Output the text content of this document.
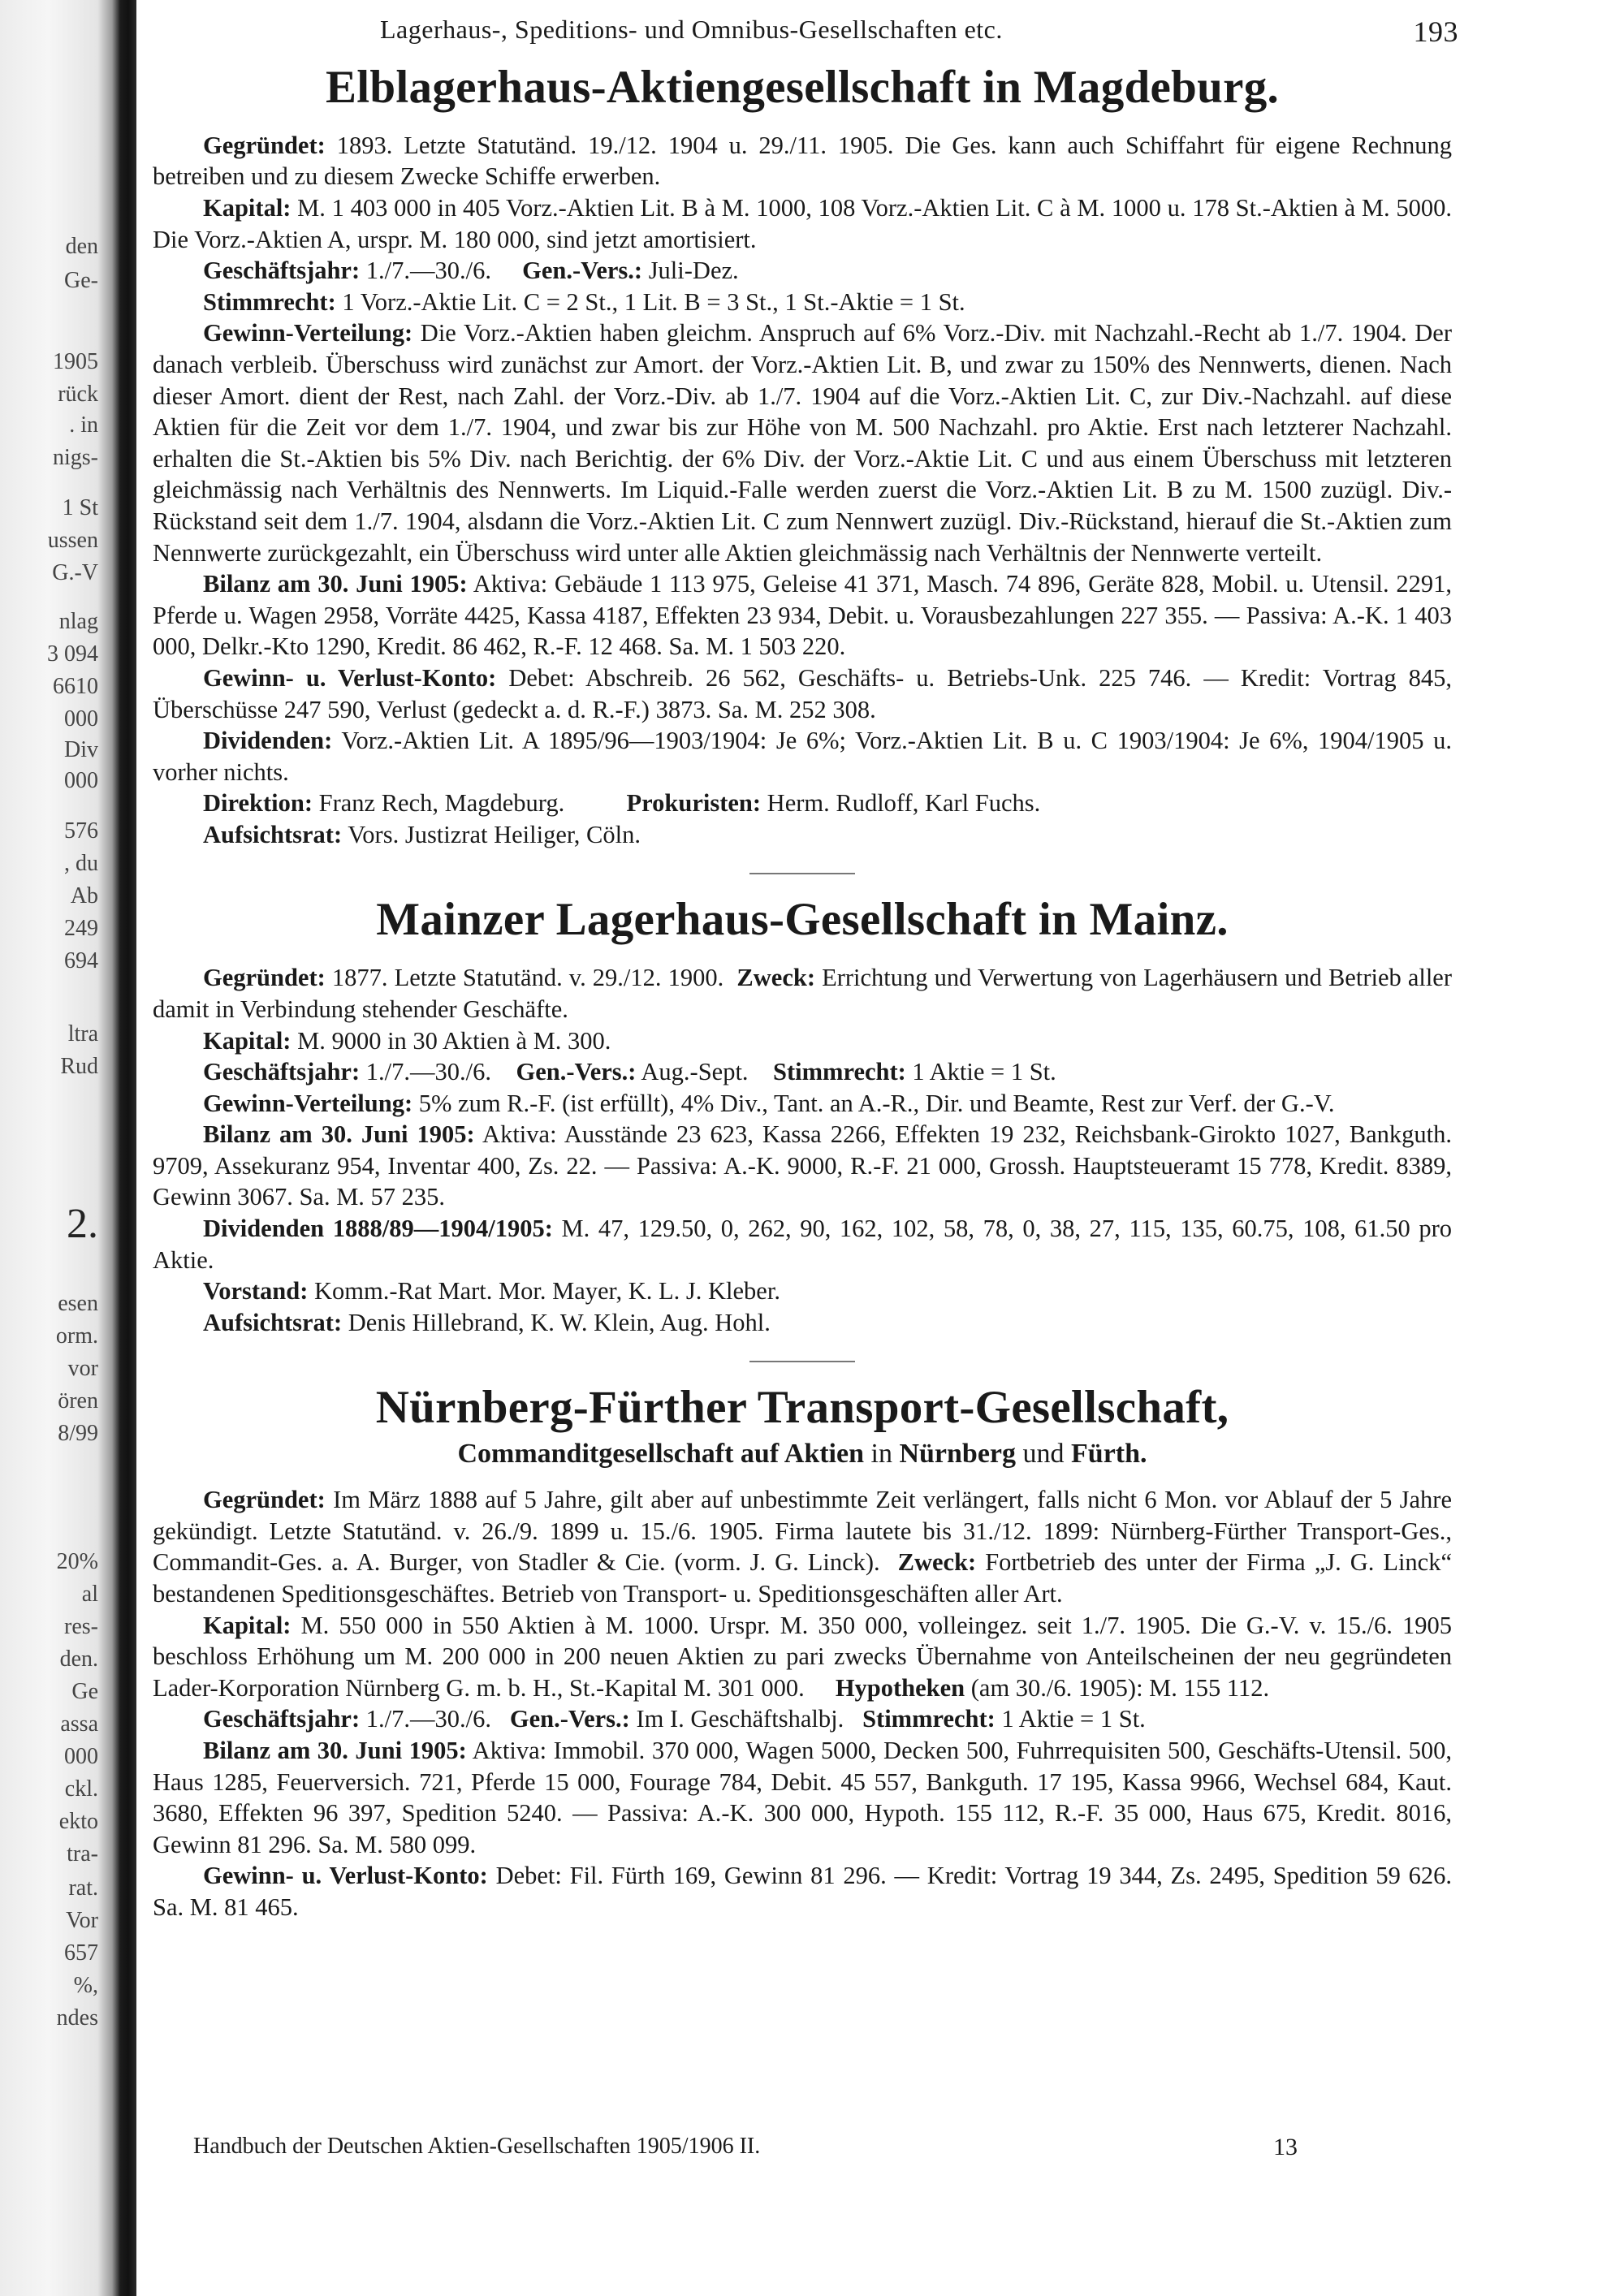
den
Ge-
1905
rück
. in
nigs-
1 St
ussen
G.-V
nlag
3 094
6610
000
Div
000
576
, du
Ab
249
694
ltra
Rud
2.
esen
orm.
vor
ören
8/99
20%
al
res-
den.
Ge
assa
000
ckl.
ekto
tra-
rat.
Vor
657
%,
ndes
Lagerhaus-, Speditions- und Omnibus-Gesellschaften etc.	193
Elblagerhaus-Aktiengesellschaft in Magdeburg.

Gegründet: 1893. Letzte Statutänd. 19./12. 1904 u. 29./11. 1905. Die Ges. kann auch Schiffahrt für eigene Rechnung betreiben und zu diesem Zwecke Schiffe erwerben.

Kapital: M. 1 403 000 in 405 Vorz.-Aktien Lit. B à M. 1000, 108 Vorz.-Aktien Lit. C à M. 1000 u. 178 St.-Aktien à M. 5000. Die Vorz.-Aktien A, urspr. M. 180 000, sind jetzt amortisiert.

Geschäftsjahr: 1./7.—30./6. Gen.-Vers.: Juli-Dez.

Stimmrecht: 1 Vorz.-Aktie Lit. C = 2 St., 1 Lit. B = 3 St., 1 St.-Aktie = 1 St.

Gewinn-Verteilung: Die Vorz.-Aktien haben gleichm. Anspruch auf 6% Vorz.-Div. mit Nachzahl.-Recht ab 1./7. 1904. Der danach verbleib. Überschuss wird zunächst zur Amort. der Vorz.-Aktien Lit. B, und zwar zu 150% des Nennwerts, dienen. Nach dieser Amort. dient der Rest, nach Zahl. der Vorz.-Div. ab 1./7. 1904 auf die Vorz.-Aktien Lit. C, zur Div.-Nachzahl. auf diese Aktien für die Zeit vor dem 1./7. 1904, und zwar bis zur Höhe von M. 500 Nachzahl. pro Aktie. Erst nach letzterer Nachzahl. erhalten die St.-Aktien bis 5% Div. nach Berichtig. der 6% Div. der Vorz.-Aktie Lit. C und aus einem Überschuss mit letzteren gleichmässig nach Verhältnis des Nennwerts. Im Liquid.-Falle werden zuerst die Vorz.-Aktien Lit. B zu M. 1500 zuzügl. Div.-Rückstand seit dem 1./7. 1904, alsdann die Vorz.-Aktien Lit. C zum Nennwert zuzügl. Div.-Rückstand, hierauf die St.-Aktien zum Nennwerte zurückgezahlt, ein Überschuss wird unter alle Aktien gleichmässig nach Verhältnis der Nennwerte verteilt.

Bilanz am 30. Juni 1905: Aktiva: Gebäude 1 113 975, Geleise 41 371, Masch. 74 896, Geräte 828, Mobil. u. Utensil. 2291, Pferde u. Wagen 2958, Vorräte 4425, Kassa 4187, Effekten 23 934, Debit. u. Vorausbezahlungen 227 355. — Passiva: A.-K. 1 403 000, Delkr.-Kto 1290, Kredit. 86 462, R.-F. 12 468. Sa. M. 1 503 220.

Gewinn- u. Verlust-Konto: Debet: Abschreib. 26 562, Geschäfts- u. Betriebs-Unk. 225 746. — Kredit: Vortrag 845, Überschüsse 247 590, Verlust (gedeckt a. d. R.-F.) 3873. Sa. M. 252 308.

Dividenden: Vorz.-Aktien Lit. A 1895/96—1903/1904: Je 6%; Vorz.-Aktien Lit. B u. C 1903/1904: Je 6%, 1904/1905 u. vorher nichts.

Direktion: Franz Rech, Magdeburg.	Prokuristen: Herm. Rudloff, Karl Fuchs.

Aufsichtsrat: Vors. Justizrat Heiliger, Cöln.

Mainzer Lagerhaus-Gesellschaft in Mainz.

Gegründet: 1877. Letzte Statutänd. v. 29./12. 1900. Zweck: Errichtung und Verwertung von Lagerhäusern und Betrieb aller damit in Verbindung stehender Geschäfte.

Kapital: M. 9000 in 30 Aktien à M. 300.

Geschäftsjahr: 1./7.—30./6. Gen.-Vers.: Aug.-Sept. Stimmrecht: 1 Aktie = 1 St.

Gewinn-Verteilung: 5% zum R.-F. (ist erfüllt), 4% Div., Tant. an A.-R., Dir. und Beamte, Rest zur Verf. der G.-V.

Bilanz am 30. Juni 1905: Aktiva: Ausstände 23 623, Kassa 2266, Effekten 19 232, Reichsbank-Girokto 1027, Bankguth. 9709, Assekuranz 954, Inventar 400, Zs. 22. — Passiva: A.-K. 9000, R.-F. 21 000, Grossh. Hauptsteueramt 15 778, Kredit. 8389, Gewinn 3067. Sa. M. 57 235.

Dividenden 1888/89—1904/1905: M. 47, 129.50, 0, 262, 90, 162, 102, 58, 78, 0, 38, 27, 115, 135, 60.75, 108, 61.50 pro Aktie.

Vorstand: Komm.-Rat Mart. Mor. Mayer, K. L. J. Kleber.

Aufsichtsrat: Denis Hillebrand, K. W. Klein, Aug. Hohl.

Nürnberg-Fürther Transport-Gesellschaft,
Commanditgesellschaft auf Aktien in Nürnberg und Fürth.

Gegründet: Im März 1888 auf 5 Jahre, gilt aber auf unbestimmte Zeit verlängert, falls nicht 6 Mon. vor Ablauf der 5 Jahre gekündigt. Letzte Statutänd. v. 26./9. 1899 u. 15./6. 1905. Firma lautete bis 31./12. 1899: Nürnberg-Fürther Transport-Ges., Commandit-Ges. a. A. Burger, von Stadler & Cie. (vorm. J. G. Linck). Zweck: Fortbetrieb des unter der Firma „J. G. Linck“ bestandenen Speditionsgeschäftes. Betrieb von Transport- u. Speditionsgeschäften aller Art.

Kapital: M. 550 000 in 550 Aktien à M. 1000. Urspr. M. 350 000, volleingez. seit 1./7. 1905. Die G.-V. v. 15./6. 1905 beschloss Erhöhung um M. 200 000 in 200 neuen Aktien zu pari zwecks Übernahme von Anteilscheinen der neu gegründeten Lader-Korporation Nürnberg G. m. b. H., St.-Kapital M. 301 000. Hypotheken (am 30./6. 1905): M. 155 112.

Geschäftsjahr: 1./7.—30./6. Gen.-Vers.: Im I. Geschäftshalbj. Stimmrecht: 1 Aktie = 1 St.

Bilanz am 30. Juni 1905: Aktiva: Immobil. 370 000, Wagen 5000, Decken 500, Fuhrrequisiten 500, Geschäfts-Utensil. 500, Haus 1285, Feuerversich. 721, Pferde 15 000, Fourage 784, Debit. 45 557, Bankguth. 17 195, Kassa 9966, Wechsel 684, Kaut. 3680, Effekten 96 397, Spedition 5240. — Passiva: A.-K. 300 000, Hypoth. 155 112, R.-F. 35 000, Haus 675, Kredit. 8016, Gewinn 81 296. Sa. M. 580 099.

Gewinn- u. Verlust-Konto: Debet: Fil. Fürth 169, Gewinn 81 296. — Kredit: Vortrag 19 344, Zs. 2495, Spedition 59 626. Sa. M. 81 465.

Handbuch der Deutschen Aktien-Gesellschaften 1905/1906 II.	13
